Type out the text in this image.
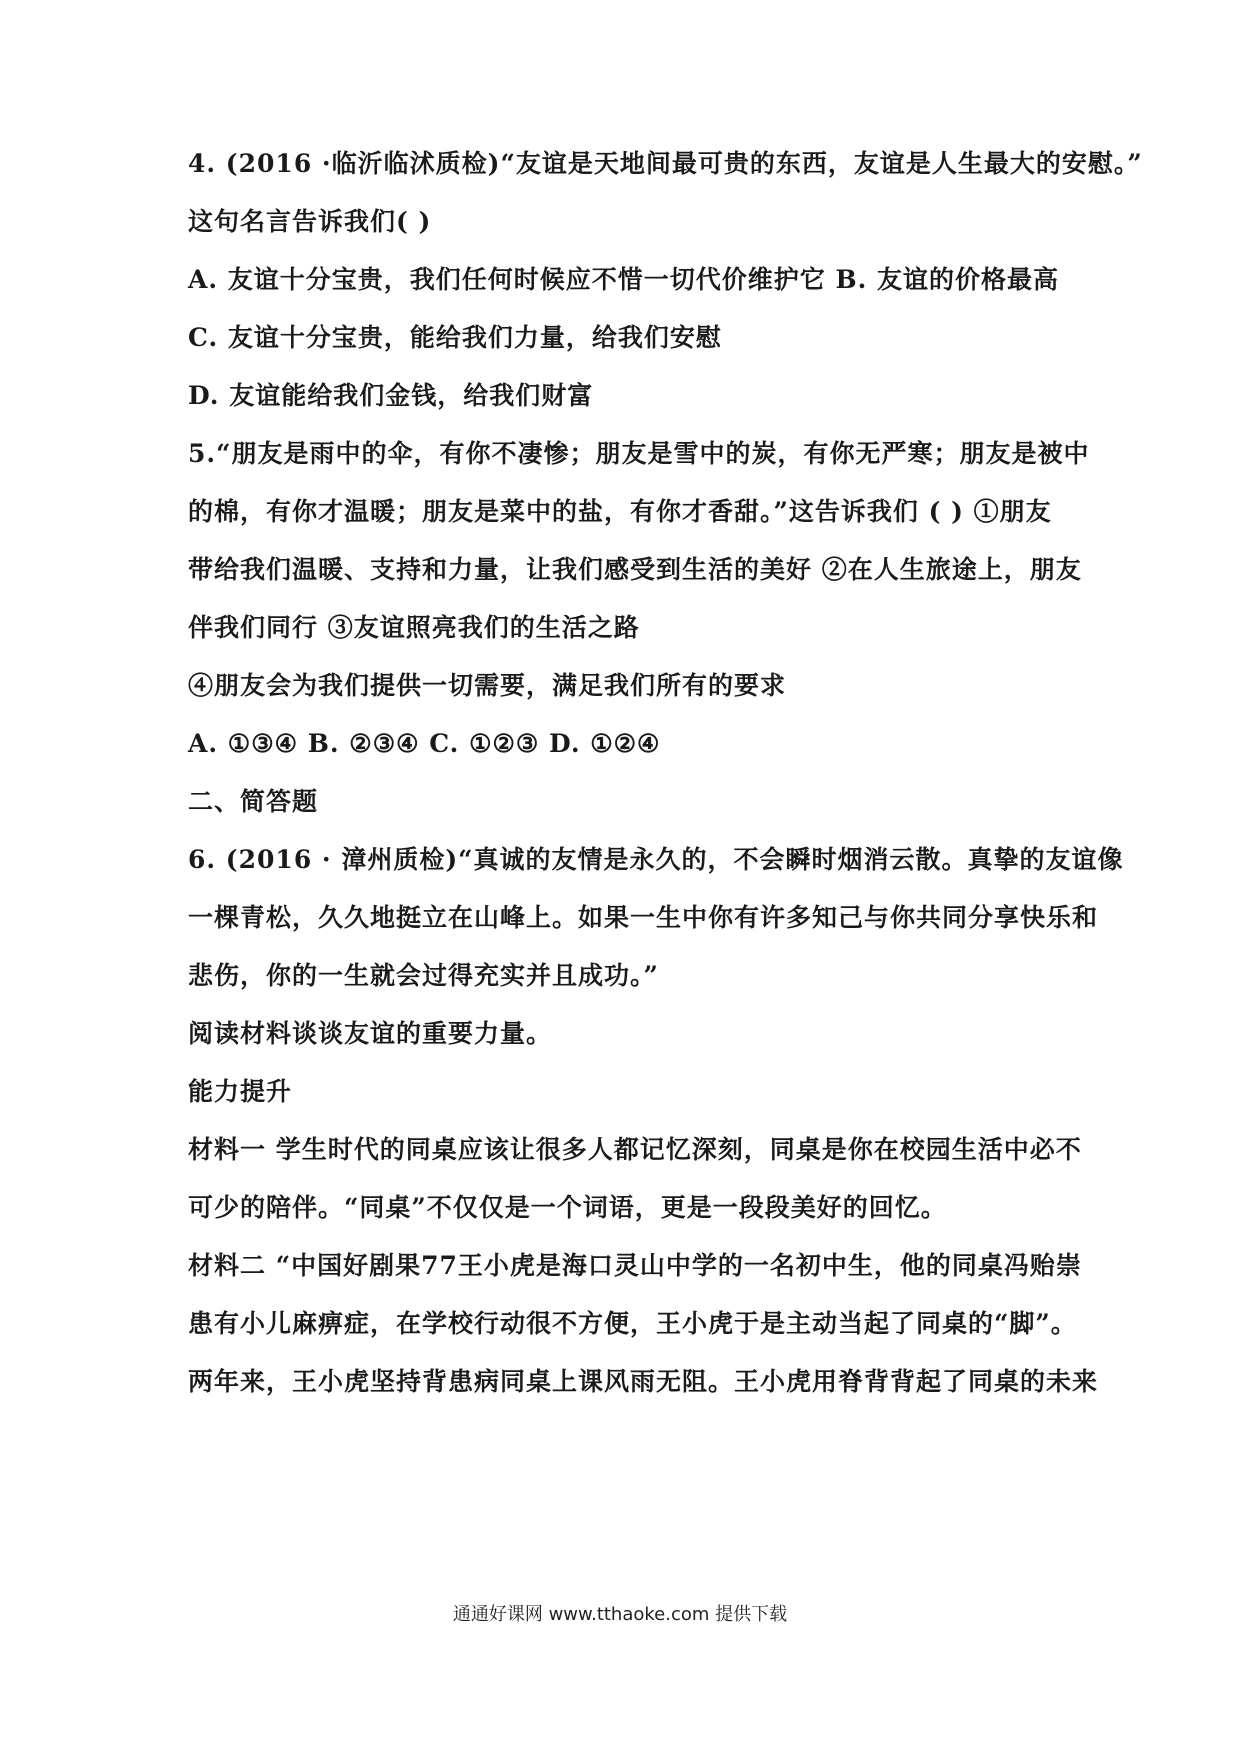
4. (2016 ·临沂临沭质检)“友谊是天地间最可贵的东西，友谊是人生最大的安慰。”
这句名言告诉我们( )
A. 友谊十分宝贵，我们任何时候应不惜一切代价维护它 B. 友谊的价格最高
C. 友谊十分宝贵，能给我们力量，给我们安慰
D. 友谊能给我们金钱，给我们财富
5.“朋友是雨中的伞，有你不凄惨；朋友是雪中的炭，有你无严寒；朋友是被中
的棉，有你才温暖；朋友是菜中的盐，有你才香甜。”这告诉我们 ( ) ①朋友
带给我们温暖、支持和力量，让我们感受到生活的美好 ②在人生旅途上，朋友
伴我们同行 ③友谊照亮我们的生活之路
④朋友会为我们提供一切需要，满足我们所有的要求
A. ①③④ B. ②③④ C. ①②③ D. ①②④
二、简答题
6. (2016 · 漳州质检)“真诚的友情是永久的，不会瞬时烟消云散。真挚的友谊像
一棵青松，久久地挺立在山峰上。如果一生中你有许多知己与你共同分享快乐和
悲伤，你的一生就会过得充实并且成功。”
阅读材料谈谈友谊的重要力量。
能力提升
材料一 学生时代的同桌应该让很多人都记忆深刻，同桌是你在校园生活中必不
可少的陪伴。“同桌”不仅仅是一个词语，更是一段段美好的回忆。
材料二 “中国好剧果77王小虎是海口灵山中学的一名初中生，他的同桌冯贻崇
患有小儿麻痹症，在学校行动很不方便，王小虎于是主动当起了同桌的“脚”。
两年来，王小虎坚持背患病同桌上课风雨无阻。王小虎用脊背背起了同桌的未来
通通好课网 www.tthaoke.com 提供下载
